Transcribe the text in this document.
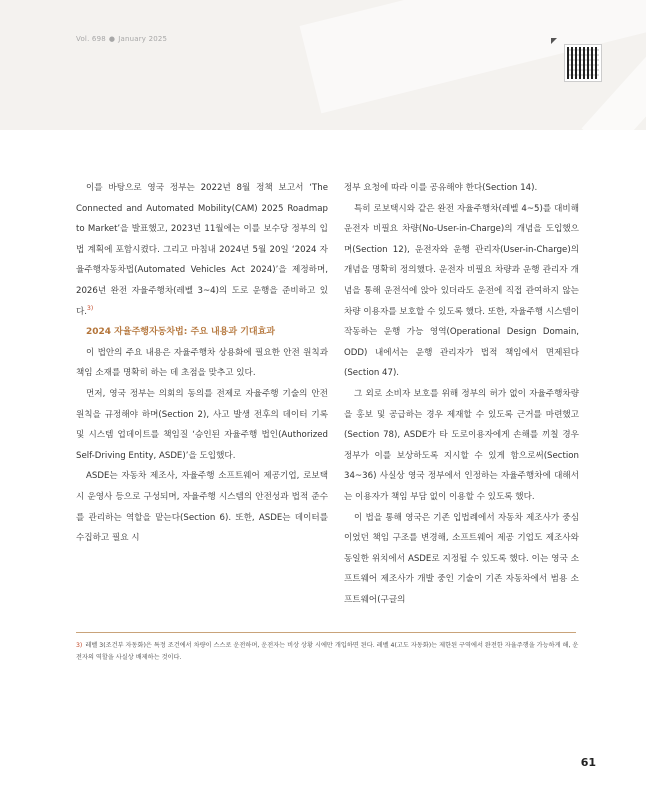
Vol. 698 ● January 2025

이를 바탕으로 영국 정부는 2022년 8월 정책 보고서 ‘The Connected and Automated Mobility(CAM) 2025 Roadmap to Market’을 발표했고, 2023년 11월에는 이를 보수당 정부의 입법 계획에 포함시켰다. 그리고 마침내 2024년 5월 20일 ‘2024 자율주행자동차법(Automated Vehicles Act 2024)’을 제정하며, 2026년 완전 자율주행차(레벨 3~4)의 도로 운행을 준비하고 있다.$^{3)}$

2024 자율주행자동차법: 주요 내용과 기대효과

이 법안의 주요 내용은 자율주행차 상용화에 필요한 안전 원칙과 책임 소재를 명확히 하는 데 초점을 맞추고 있다.

먼저, 영국 정부는 의회의 동의를 전제로 자율주행 기술의 안전 원칙을 규정해야 하며(Section 2), 사고 발생 전후의 데이터 기록 및 시스템 업데이트를 책임질 ‘승인된 자율주행 법인(Authorized Self-Driving Entity, ASDE)’을 도입했다.

ASDE는 자동차 제조사, 자율주행 소프트웨어 제공기업, 로보택시 운영사 등으로 구성되며, 자율주행 시스템의 안전성과 법적 준수를 관리하는 역할을 맡는다(Section 6). 또한, ASDE는 데이터를 수집하고 필요 시

정부 요청에 따라 이를 공유해야 한다(Section 14).

특히 로보택시와 같은 완전 자율주행차(레벨 4~5)를 대비해 운전자 비필요 차량(No-User-in-Charge)의 개념을 도입했으며(Section 12), 운전자와 운행 관리자(User-in-Charge)의 개념을 명확히 정의했다. 운전자 비필요 차량과 운행 관리자 개념을 통해 운전석에 앉아 있더라도 운전에 직접 관여하지 않는 차량 이용자를 보호할 수 있도록 했다. 또한, 자율주행 시스템이 작동하는 운행 가능 영역(Operational Design Domain, ODD) 내에서는 운행 관리자가 법적 책임에서 면제된다(Section 47).

그 외로 소비자 보호를 위해 정부의 허가 없이 자율주행차량을 홍보 및 공급하는 경우 제재할 수 있도록 근거를 마련했고(Section 78), ASDE가 타 도로이용자에게 손해를 끼칠 경우 정부가 이를 보상하도록 지시할 수 있게 함으로써(Section 34~36) 사실상 영국 정부에서 인정하는 자율주행차에 대해서는 이용자가 책임 부담 없이 이용할 수 있도록 했다.

이 법을 통해 영국은 기존 입법례에서 자동차 제조사가 중심이었던 책임 구조를 변경해, 소프트웨어 제공 기업도 제조사와 동일한 위치에서 ASDE로 지정될 수 있도록 했다. 이는 영국 소프트웨어 제조사가 개발 중인 기술이 기존 자동차에서 범용 소프트웨어(구글의

3) 레벨 3(조건부 자동화)은 특정 조건에서 차량이 스스로 운전하며, 운전자는 비상 상황 시에만 개입하면 된다. 레벨 4(고도 자동화)는 제한된 구역에서 완전한 자율주행을 가능하게 해, 운전자의 역할을 사실상 배제하는 것이다.
61
